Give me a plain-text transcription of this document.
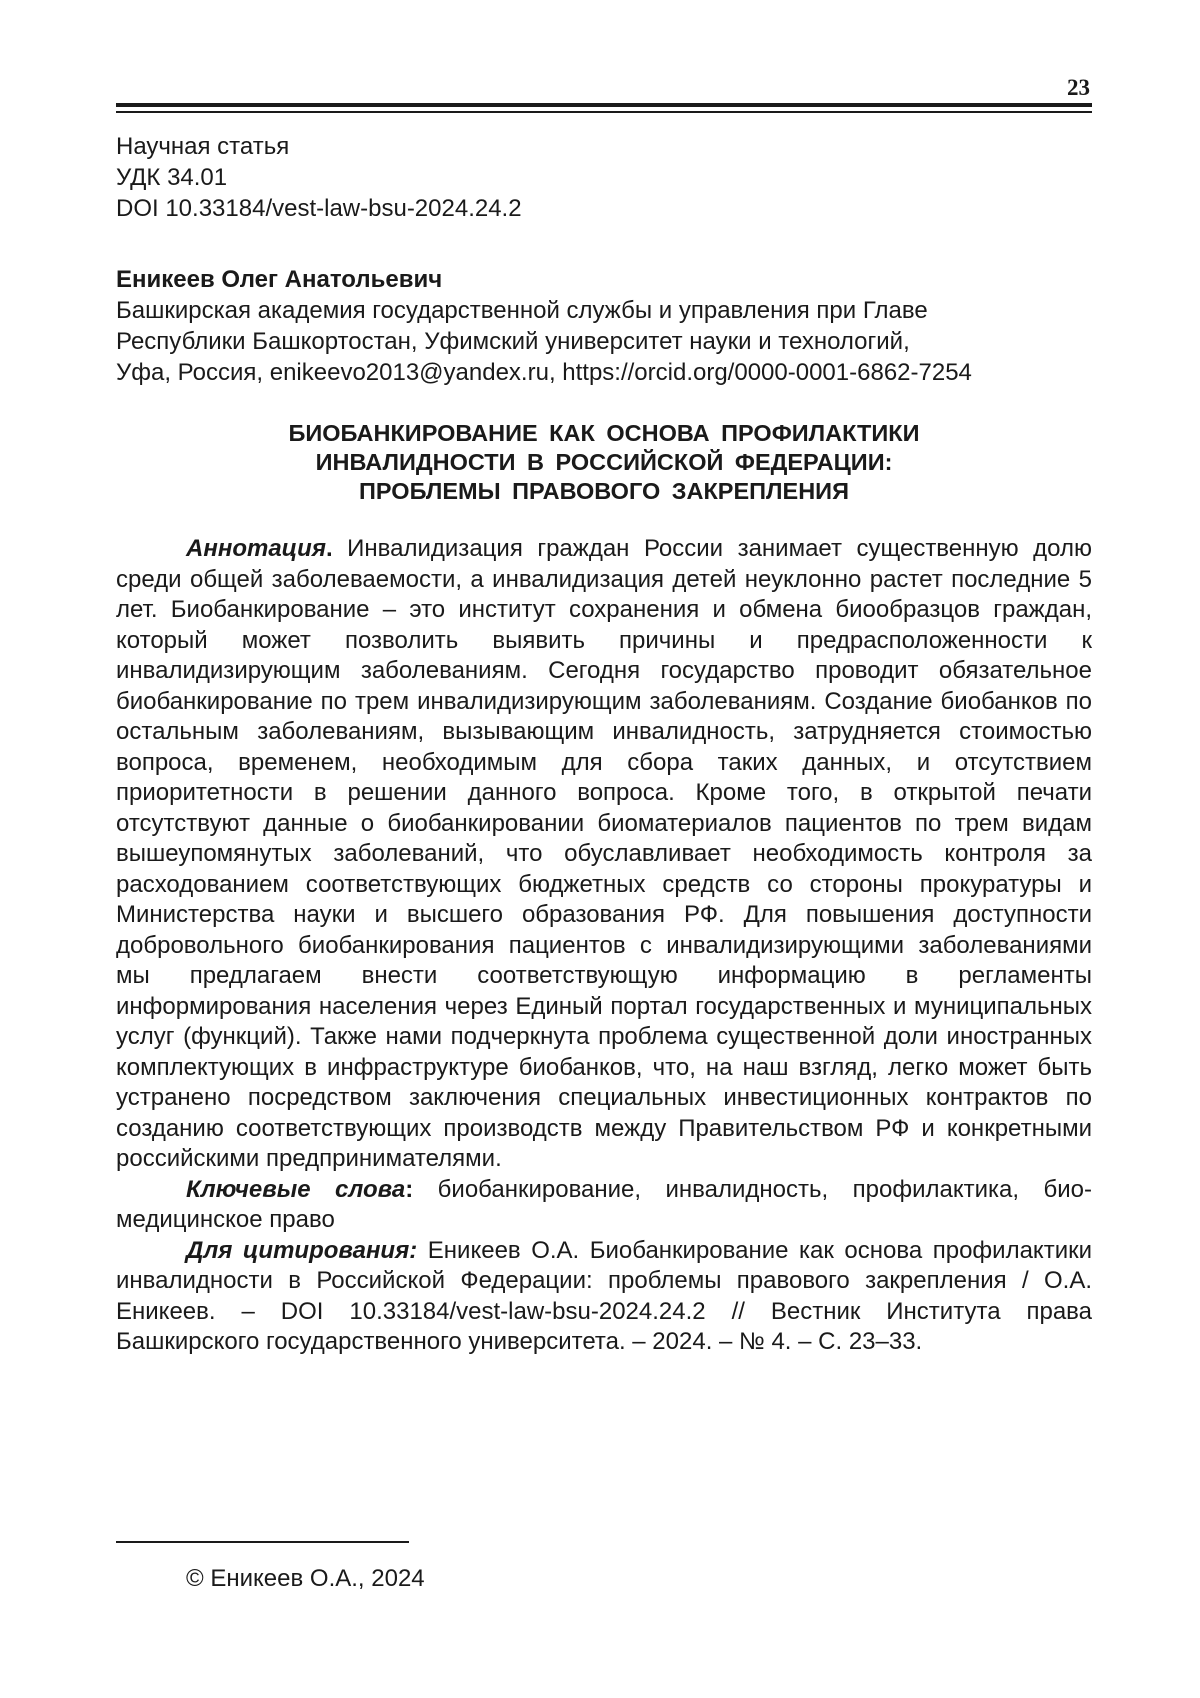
23
Научная статья
УДК 34.01
DOI 10.33184/vest-law-bsu-2024.24.2
Еникеев Олег Анатольевич
Башкирская академия государственной службы и управления при Главе
Республики Башкортостан, Уфимский университет науки и технологий,
Уфа, Россия, enikeevo2013@yandex.ru, https://orcid.org/0000-0001-6862-7254
БИОБАНКИРОВАНИЕ КАК ОСНОВА ПРОФИЛАКТИКИ
ИНВАЛИДНОСТИ В РОССИЙСКОЙ ФЕДЕРАЦИИ:
ПРОБЛЕМЫ ПРАВОВОГО ЗАКРЕПЛЕНИЯ

Аннотация. Инвалидизация граждан России занимает существенную долю среди общей заболеваемости, а инвалидизация детей неуклонно растет последние 5 лет. Биобанкирование – это институт сохранения и обмена биообразцов граждан, который может позволить выявить причины и предрасположенности к инвалидизирующим заболеваниям. Сегодня государство проводит обязательное биобанкирование по трем инвалидизирующим заболеваниям. Создание биобанков по остальным заболеваниям, вызывающим инвалидность, затрудняется стоимостью вопроса, временем, необходимым для сбора таких данных, и отсутствием приоритетности в решении данного вопроса. Кроме того, в открытой печати отсутствуют данные о биобанкировании биоматериалов пациентов по трем видам вышеупомянутых заболеваний, что обуславливает необходимость контроля за расходованием соответствующих бюджетных средств со стороны прокуратуры и Министерства науки и высшего образования РФ. Для повышения доступности добровольного биобанкирования пациентов с инвалидизирующими заболеваниями мы предлагаем внести соответствующую информацию в регламенты информирования населения через Единый портал государственных и муниципальных услуг (функций). Также нами подчеркнута проблема существенной доли иностранных комплектующих в инфраструктуре биобанков, что, на наш взгляд, легко может быть устранено посредством заключения специальных инвестиционных контрактов по созданию соответствующих производств между Правительством РФ и конкретными российскими предпринимателями.

Ключевые слова: биобанкирование, инвалидность, профилактика, биомедицинское право

Для цитирования: Еникеев О.А. Биобанкирование как основа профилактики инвалидности в Российской Федерации: проблемы правового закрепления / О.А. Еникеев. – DOI 10.33184/vest-law-bsu-2024.24.2 // Вестник Института права Башкирского государственного университета. – 2024. – № 4. – С. 23–33.

© Еникеев О.А., 2024
